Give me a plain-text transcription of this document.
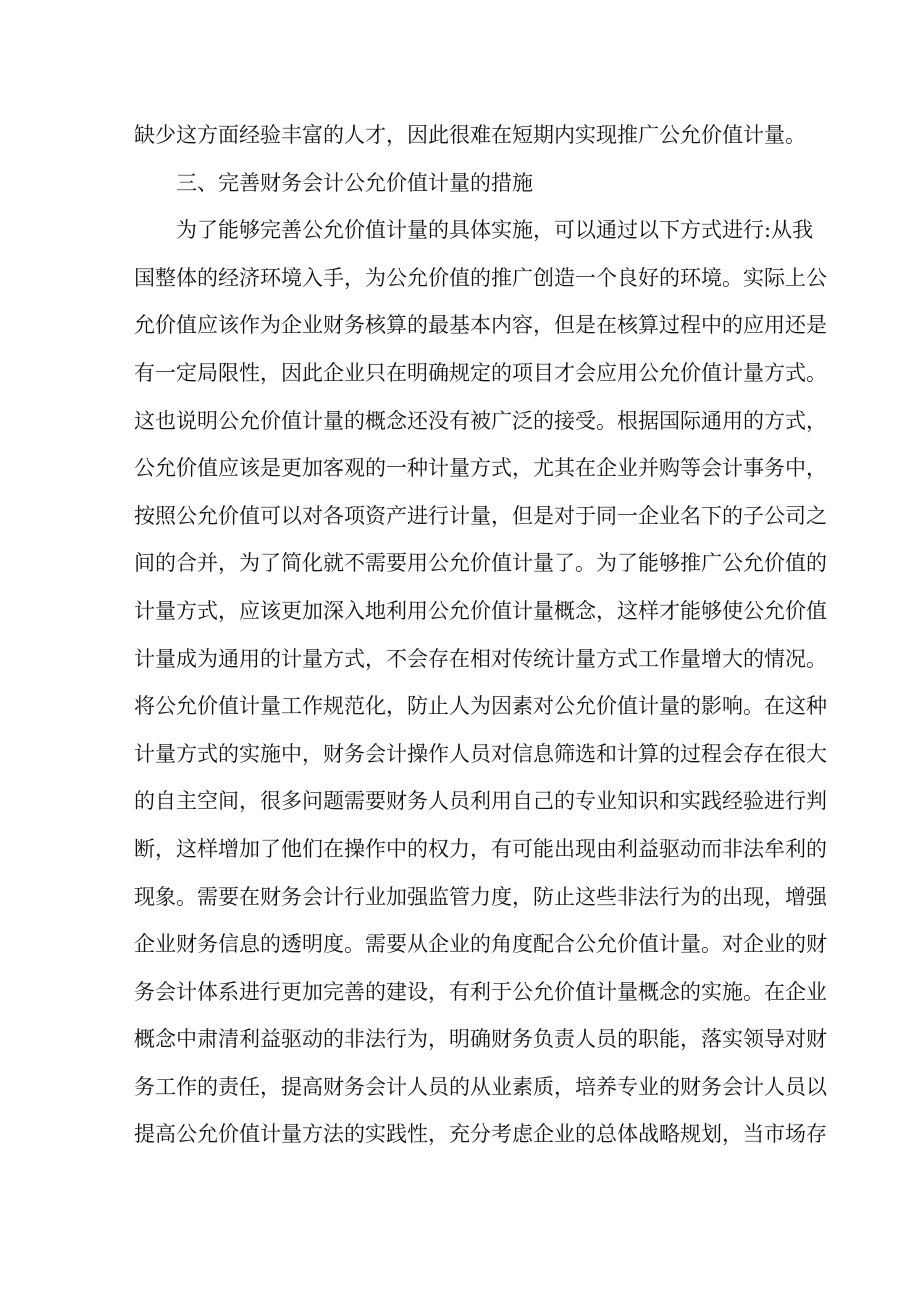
缺少这方面经验丰富的人才，因此很难在短期内实现推广公允价值计量。
三、完善财务会计公允价值计量的措施
为了能够完善公允价值计量的具体实施，可以通过以下方式进行:从我
国整体的经济环境入手，为公允价值的推广创造一个良好的环境。实际上公
允价值应该作为企业财务核算的最基本内容，但是在核算过程中的应用还是
有一定局限性，因此企业只在明确规定的项目才会应用公允价值计量方式。
这也说明公允价值计量的概念还没有被广泛的接受。根据国际通用的方式，
公允价值应该是更加客观的一种计量方式，尤其在企业并购等会计事务中，
按照公允价值可以对各项资产进行计量，但是对于同一企业名下的子公司之
间的合并，为了简化就不需要用公允价值计量了。为了能够推广公允价值的
计量方式，应该更加深入地利用公允价值计量概念，这样才能够使公允价值
计量成为通用的计量方式，不会存在相对传统计量方式工作量增大的情况。
将公允价值计量工作规范化，防止人为因素对公允价值计量的影响。在这种
计量方式的实施中，财务会计操作人员对信息筛选和计算的过程会存在很大
的自主空间，很多问题需要财务人员利用自己的专业知识和实践经验进行判
断，这样增加了他们在操作中的权力，有可能出现由利益驱动而非法牟利的
现象。需要在财务会计行业加强监管力度，防止这些非法行为的出现，增强
企业财务信息的透明度。需要从企业的角度配合公允价值计量。对企业的财
务会计体系进行更加完善的建设，有利于公允价值计量概念的实施。在企业
概念中肃清利益驱动的非法行为，明确财务负责人员的职能，落实领导对财
务工作的责任，提高财务会计人员的从业素质，培养专业的财务会计人员以
提高公允价值计量方法的实践性，充分考虑企业的总体战略规划，当市场存
